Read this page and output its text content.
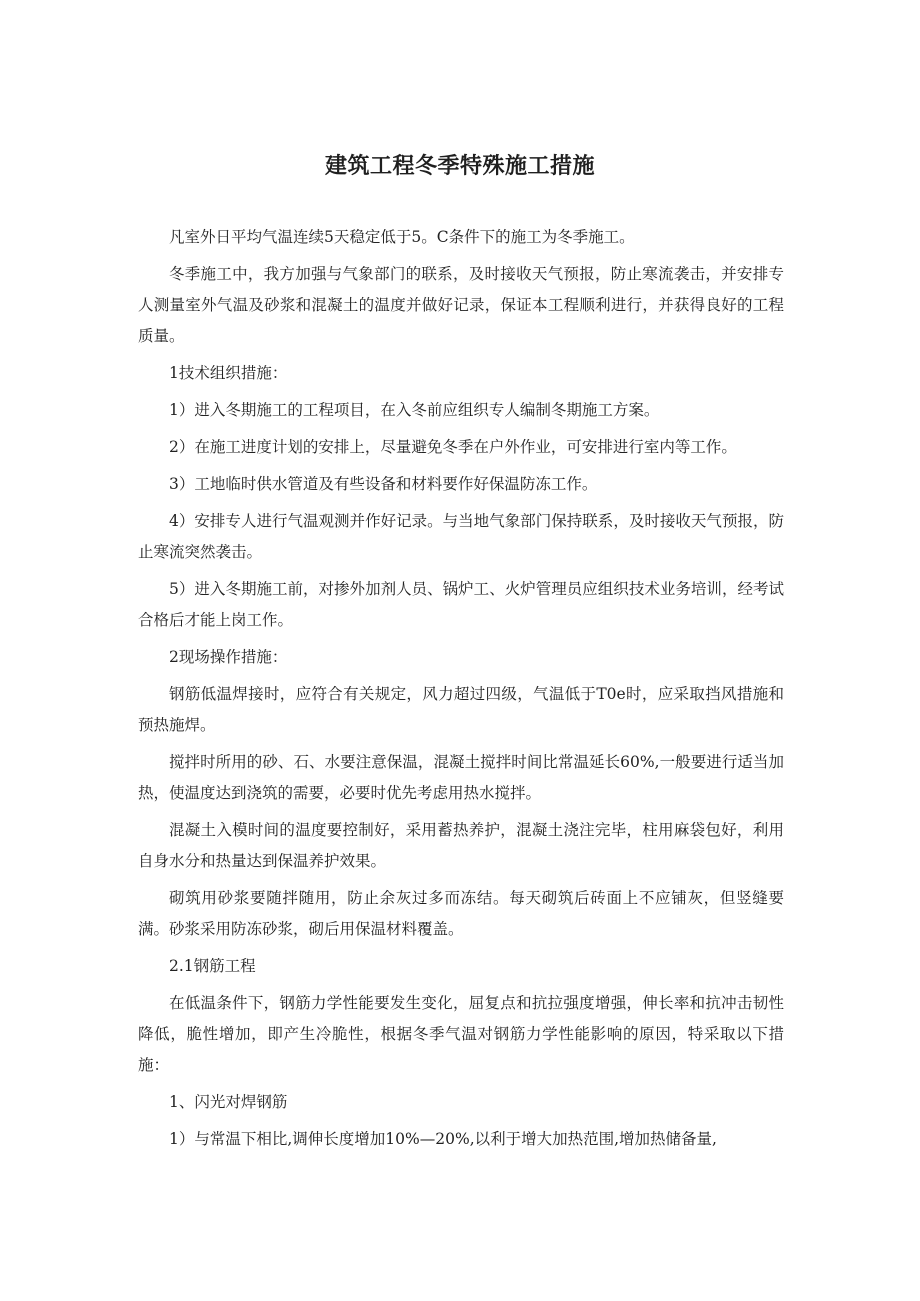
建筑工程冬季特殊施工措施

凡室外日平均气温连续5天稳定低于5。C条件下的施工为冬季施工。

冬季施工中，我方加强与气象部门的联系，及时接收天气预报，防止寒流袭击，并安排专人测量室外气温及砂浆和混凝土的温度并做好记录，保证本工程顺利进行，并获得良好的工程质量。

1技术组织措施：

1）进入冬期施工的工程项目，在入冬前应组织专人编制冬期施工方案。

2）在施工进度计划的安排上，尽量避免冬季在户外作业，可安排进行室内等工作。

3）工地临时供水管道及有些设备和材料要作好保温防冻工作。

4）安排专人进行气温观测并作好记录。与当地气象部门保持联系，及时接收天气预报，防止寒流突然袭击。

5）进入冬期施工前，对掺外加剂人员、锅炉工、火炉管理员应组织技术业务培训，经考试合格后才能上岗工作。

2现场操作措施：

钢筋低温焊接时，应符合有关规定，风力超过四级，气温低于T0e时，应采取挡风措施和预热施焊。

搅拌时所用的砂、石、水要注意保温，混凝土搅拌时间比常温延长60%,一般要进行适当加热，使温度达到浇筑的需要，必要时优先考虑用热水搅拌。

混凝土入模时间的温度要控制好，采用蓄热养护，混凝土浇注完毕，柱用麻袋包好，利用自身水分和热量达到保温养护效果。

砌筑用砂浆要随拌随用，防止余灰过多而冻结。每天砌筑后砖面上不应铺灰，但竖缝要满。砂浆采用防冻砂浆，砌后用保温材料覆盖。

2.1钢筋工程

在低温条件下，钢筋力学性能要发生变化，屈复点和抗拉强度增强，伸长率和抗冲击韧性降低，脆性增加，即产生冷脆性，根据冬季气温对钢筋力学性能影响的原因，特采取以下措施：

1、闪光对焊钢筋

1）与常温下相比,调伸长度增加10%—20%,以利于增大加热范围,增加热储备量,
